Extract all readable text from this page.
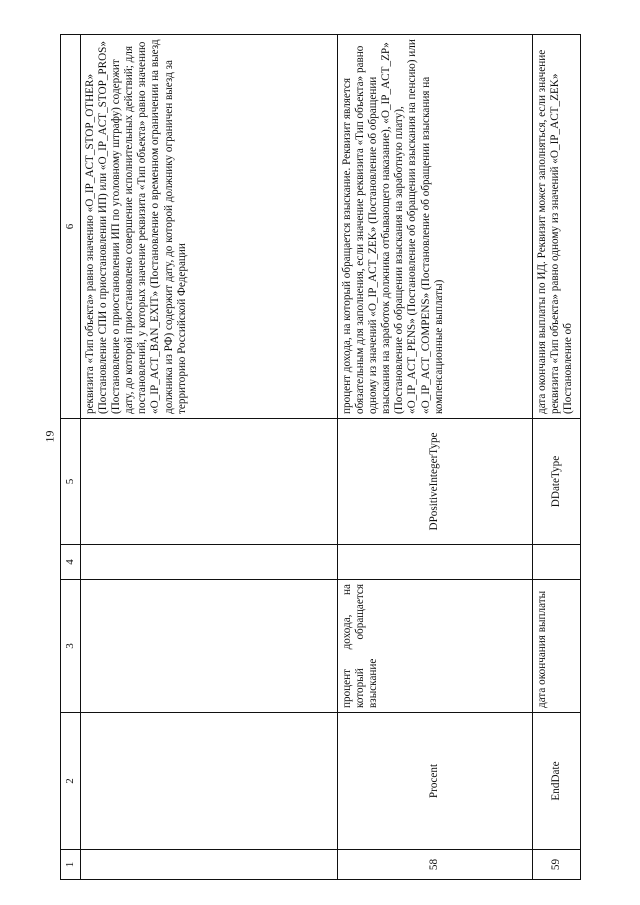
19
1	2	3	4	5	6
					реквизита «Тип объекта» равно значению «O_IP_ACT_STOP_OTHER» (Постановление СПИ о приостановлении ИП) или «O_IP_ACT_STOP_PROS» (Постановление о приостановлении ИП по уголовному штрафу) содержит дату, до которой приостановлено совершение исполнительных действий; для постановлений, у которых значение реквизита «Тип объекта» равно значению «O_IP_ACT_BAN_EXIT» (Постановление о временном ограничении на выезд должника из РФ) содержит дату, до которой должнику ограничен выезд за территорию Российской Федерации
58	Procent	процент дохода, на который обращается взыскание		DPositiveIntegerType	процент дохода, на который обращается взыскание. Реквизит является обязательным для заполнения, если значение реквизита «Тип объекта» равно одному из значений «O_IP_ACT_ZEK» (Постановление об обращении взыскания на заработок должника отбывающего наказание), «O_IP_ACT_ZP» (Постановление об обращении взыскания на заработную плату), «O_IP_ACT_PENS» (Постановление об обращении взыскания на пенсию) или «O_IP_ACT_COMPENS» (Постановление об обращении взыскания на компенсационные выплаты)
59	EndDate	дата окончания выплаты		DDateType	дата окончания выплаты по ИД. Реквизит может заполняться, если значение реквизита «Тип объекта» равно одному из значений «O_IP_ACT_ZEK» (Постановление об
